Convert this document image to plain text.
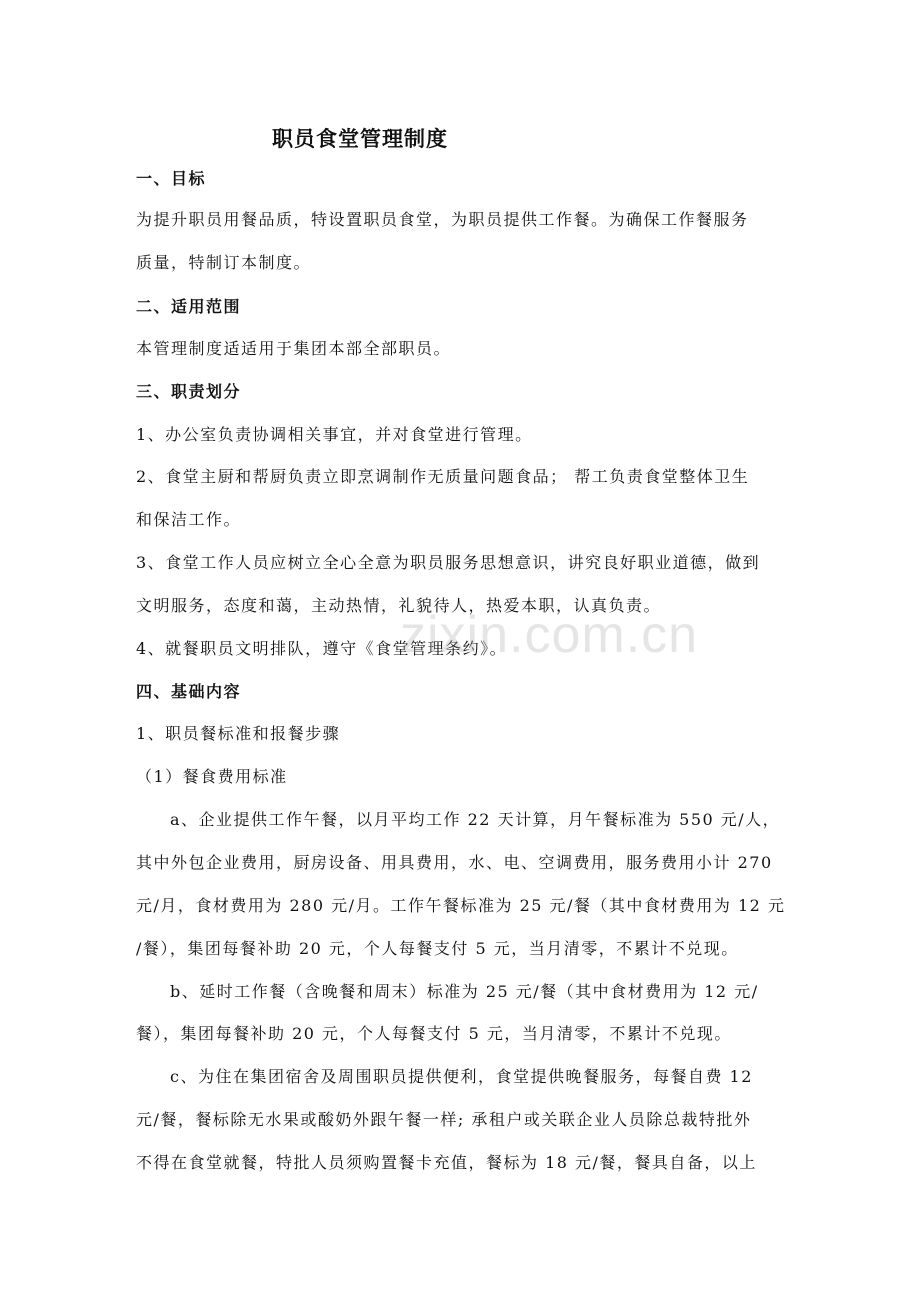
职员食堂管理制度
一、目标
为提升职员用餐品质，特设置职员食堂，为职员提供工作餐。为确保工作餐服务
质量，特制订本制度。
二、适用范围
本管理制度适适用于集团本部全部职员。
三、职责划分
1、办公室负责协调相关事宜，并对食堂进行管理。
2、食堂主厨和帮厨负责立即烹调制作无质量问题食品； 帮工负责食堂整体卫生
和保洁工作。
3、食堂工作人员应树立全心全意为职员服务思想意识，讲究良好职业道德，做到
文明服务，态度和蔼，主动热情，礼貌待人，热爱本职，认真负责。
4、就餐职员文明排队，遵守《食堂管理条约》。
四、基础内容
1、职员餐标准和报餐步骤
（1）餐食费用标准
a、企业提供工作午餐，以月平均工作 22 天计算，月午餐标准为 550 元/人，
其中外包企业费用，厨房设备、用具费用，水、电、空调费用，服务费用小计 270
元/月，食材费用为 280 元/月。工作午餐标准为 25 元/餐（其中食材费用为 12 元
/餐），集团每餐补助 20 元，个人每餐支付 5 元，当月清零，不累计不兑现。
b、延时工作餐（含晚餐和周末）标准为 25 元/餐（其中食材费用为 12 元/
餐），集团每餐补助 20 元，个人每餐支付 5 元，当月清零，不累计不兑现。
c、为住在集团宿舍及周围职员提供便利，食堂提供晚餐服务，每餐自费 12
元/餐，餐标除无水果或酸奶外跟午餐一样; 承租户或关联企业人员除总裁特批外
不得在食堂就餐，特批人员须购置餐卡充值，餐标为 18 元/餐，餐具自备，以上
zixin.com.cn
